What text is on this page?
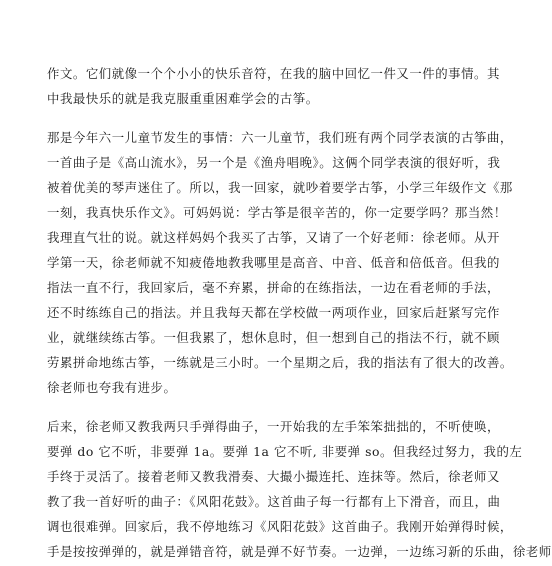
作文。它们就像一个个小小的快乐音符，在我的脑中回忆一件又一件的事情。其
中我最快乐的就是我克服重重困难学会的古筝。
那是今年六一儿童节发生的事情：六一儿童节，我们班有两个同学表演的古筝曲，
一首曲子是《高山流水》，另一个是《渔舟唱晚》。这俩个同学表演的很好听，我
被着优美的琴声迷住了。所以，我一回家，就吵着要学古筝，小学三年级作文《那
一刻，我真快乐作文》。可妈妈说：学古筝是很辛苦的，你一定要学吗？那当然！
我理直气壮的说。就这样妈妈个我买了古筝，又请了一个好老师：徐老师。从开
学第一天，徐老师就不知疲倦地教我哪里是高音、中音、低音和倍低音。但我的
指法一直不行，我回家后，毫不弃累，拼命的在练指法，一边在看老师的手法，
还不时练练自己的指法。并且我每天都在学校做一两项作业，回家后赶紧写完作
业，就继续练古筝。一但我累了，想休息时，但一想到自己的指法不行，就不顾
劳累拼命地练古筝，一练就是三小时。一个星期之后，我的指法有了很大的改善。
徐老师也夸我有进步。
后来，徐老师又教我两只手弹得曲子，一开始我的左手笨笨拙拙的，不听使唤，
要弹 do 它不听，非要弹 1a。要弹 1a 它不听, 非要弹 so。但我经过努力，我的左
手终于灵活了。接着老师又教我滑奏、大撮小撮连托、连抹等。然后，徐老师又
教了我一首好听的曲子：《风阳花鼓》。这首曲子每一行都有上下滑音，而且，曲
调也很难弹。回家后，我不停地练习《风阳花鼓》这首曲子。我刚开始弹得时候，
手是按按弹弹的，就是弹错音符，就是弹不好节奏。一边弹，一边练习新的乐曲，徐老师
